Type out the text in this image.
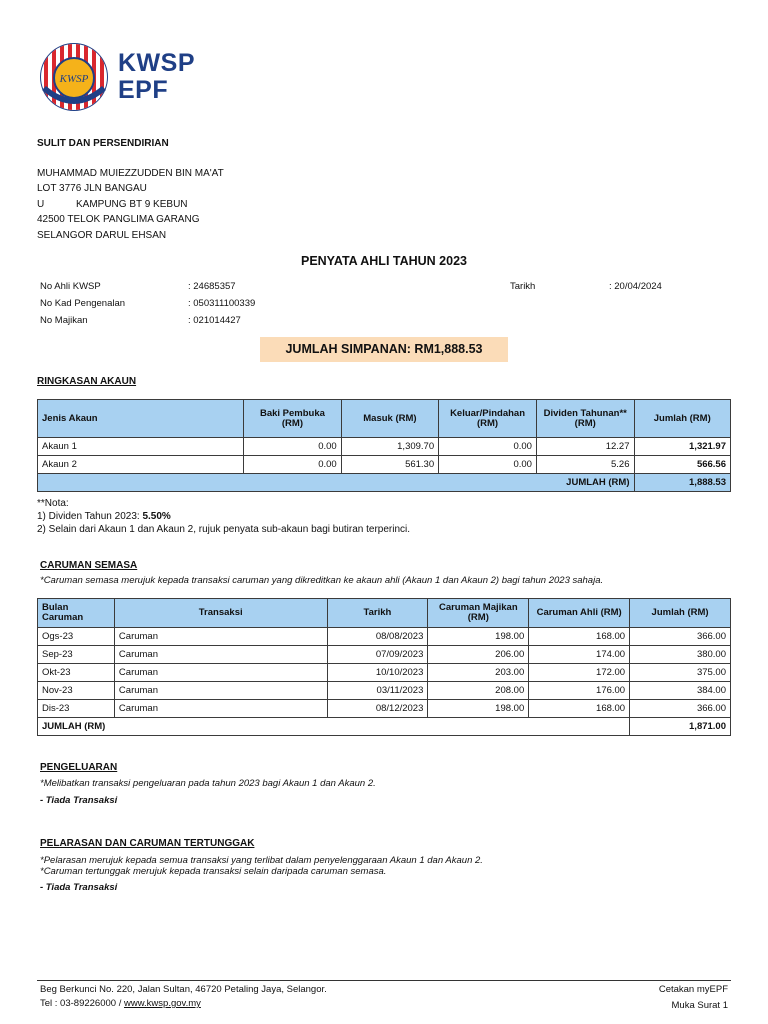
KWSP
KWSP
EPF
SULIT DAN PERSENDIRIAN
MUHAMMAD MUIEZZUDDEN BIN MA'AT
LOT 3776 JLN BANGAU
U	KAMPUNG BT 9 KEBUN
42500 TELOK PANGLIMA GARANG
SELANGOR DARUL EHSAN
PENYATA AHLI TAHUN 2023
No Ahli KWSP	: 24685357	Tarikh	: 20/04/2024
No Kad Pengenalan	: 050311100339
No Majikan	: 021014427
JUMLAH SIMPANAN: RM1,888.53
RINGKASAN AKAUN
Jenis Akaun	Baki Pembuka (RM)	Masuk (RM)	Keluar/Pindahan (RM)	Dividen Tahunan** (RM)	Jumlah (RM)
Akaun 1	0.00	1,309.70	0.00	12.27	1,321.97
Akaun 2	0.00	561.30	0.00	5.26	566.56
JUMLAH (RM)					1,888.53
**Nota:
1) Dividen Tahun 2023: 5.50%
2) Selain dari Akaun 1 dan Akaun 2, rujuk penyata sub-akaun bagi butiran terperinci.
CARUMAN SEMASA
*Caruman semasa merujuk kepada transaksi caruman yang dikreditkan ke akaun ahli (Akaun 1 dan Akaun 2) bagi tahun 2023 sahaja.
Bulan Caruman	Transaksi	Tarikh	Caruman Majikan (RM)	Caruman Ahli (RM)	Jumlah (RM)
Ogs-23	Caruman	08/08/2023	198.00	168.00	366.00
Sep-23	Caruman	07/09/2023	206.00	174.00	380.00
Okt-23	Caruman	10/10/2023	203.00	172.00	375.00
Nov-23	Caruman	03/11/2023	208.00	176.00	384.00
Dis-23	Caruman	08/12/2023	198.00	168.00	366.00
JUMLAH (RM)					1,871.00
PENGELUARAN
*Melibatkan transaksi pengeluaran pada tahun 2023 bagi Akaun 1 dan Akaun 2.
- Tiada Transaksi
PELARASAN DAN CARUMAN TERTUNGGAK
*Pelarasan merujuk kepada semua transaksi yang terlibat dalam penyelenggaraan Akaun 1 dan Akaun 2.
*Caruman tertunggak merujuk kepada transaksi selain daripada caruman semasa.
- Tiada Transaksi
Beg Berkunci No. 220, Jalan Sultan, 46720 Petaling Jaya, Selangor.
Tel : 03-89226000 / www.kwsp.gov.my
Cetakan myEPF
Muka Surat 1
